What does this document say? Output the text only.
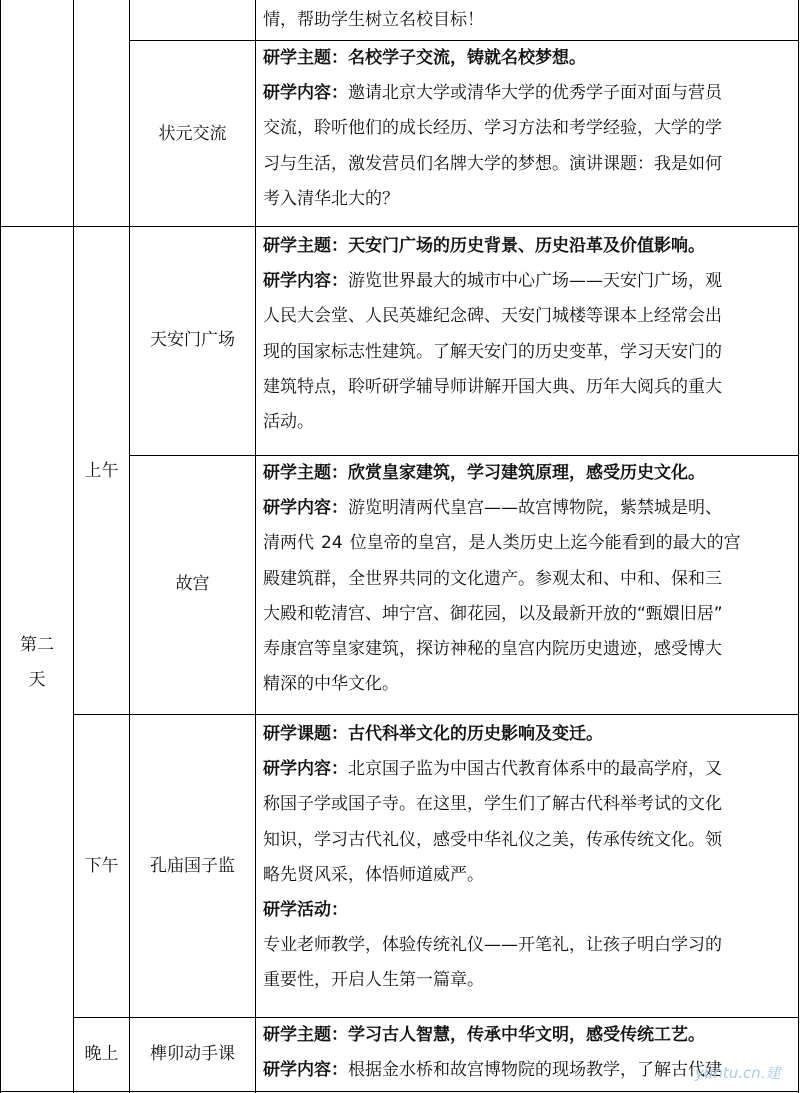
第二
天
上午
下午
晚上
状元交流
天安门广场
故宫
孔庙国子监
榫卯动手课
情，帮助学生树立名校目标！
研学主题：名校学子交流，铸就名校梦想。
研学内容：邀请北京大学或清华大学的优秀学子面对面与营员
交流，聆听他们的成长经历、学习方法和考学经验，大学的学
习与生活，激发营员们名牌大学的梦想。演讲课题：我是如何
考入清华北大的？
研学主题：天安门广场的历史背景、历史沿革及价值影响。
研学内容：游览世界最大的城市中心广场——天安门广场，观
人民大会堂、人民英雄纪念碑、天安门城楼等课本上经常会出
现的国家标志性建筑。了解天安门的历史变革，学习天安门的
建筑特点，聆听研学辅导师讲解开国大典、历年大阅兵的重大
活动。
研学主题：欣赏皇家建筑，学习建筑原理，感受历史文化。
研学内容：游览明清两代皇宫——故宫博物院，紫禁城是明、
清两代 24 位皇帝的皇宫，是人类历史上迄今能看到的最大的宫
殿建筑群，全世界共同的文化遗产。参观太和、中和、保和三
大殿和乾清宫、坤宁宫、御花园，以及最新开放的“甄嬛旧居”
寿康宫等皇家建筑，探访神秘的皇宫内院历史遗迹，感受博大
精深的中华文化。
研学课题：古代科举文化的历史影响及变迁。
研学内容：北京国子监为中国古代教育体系中的最高学府，又
称国子学或国子寺。在这里，学生们了解古代科举考试的文化
知识，学习古代礼仪，感受中华礼仪之美，传承传统文化。领
略先贤风采，体悟师道威严。
研学活动：
专业老师教学，体验传统礼仪——开笔礼，让孩子明白学习的
重要性，开启人生第一篇章。
研学主题：学习古人智慧，传承中华文明，感受传统工艺。
研学内容：根据金水桥和故宫博物院的现场教学，了解古代建
yuntu.cn.建
